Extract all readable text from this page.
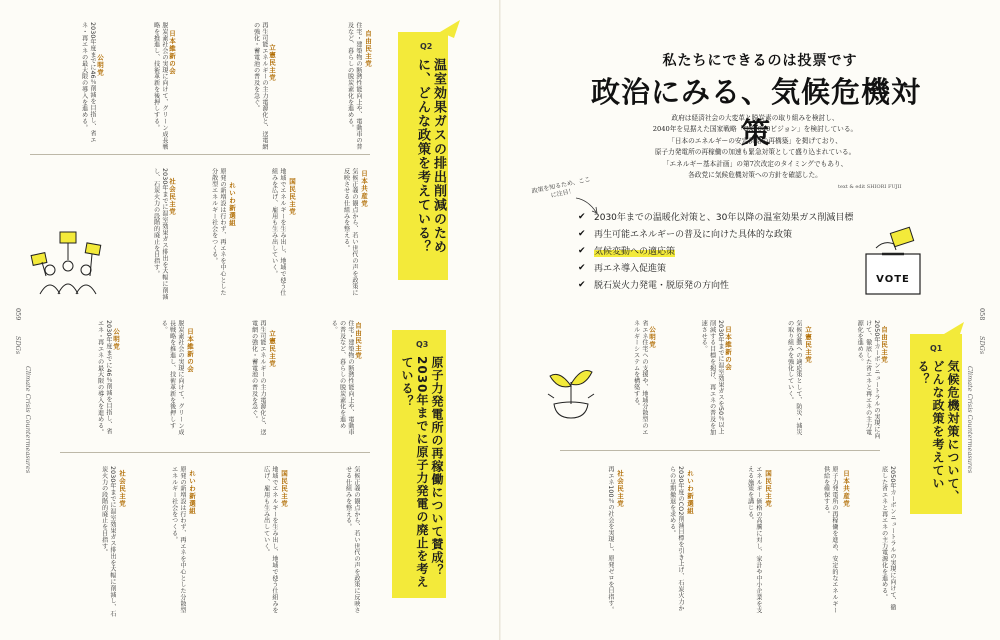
2030年度までに46％削減を目指し、省エネ・再エネの最大限の導入を進める。	公明党	脱炭素社会の実現に向けて、グリーン成長戦略を推進し、技術革新を後押しする。	日本維新の会	再生可能エネルギーの主力電源化と、送電網の強化・蓄電池の普及を急ぐ。	立憲民主党	住宅・建築物の断熱性能向上や、電動車の普及など、暮らしの脱炭素化を進める。	自由民主党
2030年までに温室効果ガス排出を大幅に削減し、石炭火力の段階的廃止を目指す。	社会民主党	原発の新増設は行わず、再エネを中心とした分散型エネルギー社会をつくる。	れいわ新選組	地域でエネルギーを生み出し、地域で使う仕組みを広げ、雇用も生み出していく。	国民民主党	気候正義の観点から、若い世代の声を政策に反映させる仕組みを整える。	日本共産党
Q2
温室効果ガスの排出削減のために、どんな政策を考えている？
059
SDGs
Climate Crisis Countermeasures	2030年度までに46％削減を目指し、省エネ・再エネの最大限の導入を進める。	公明党	脱炭素社会の実現に向けて、グリーン成長戦略を推進し、技術革新を後押しする。
日本維新の会	再生可能エネルギーの主力電源化と、送電網の強化・蓄電池の普及を急ぐ。	立憲民主党	住宅・建築物の断熱性能向上や、電動車の普及など、暮らしの脱炭素化を進める。	自由民主党
2030年までに温室効果ガス排出を大幅に削減し、石炭火力の段階的廃止を目指す。	社会民主党	原発の新増設は行わず、再エネを中心とした分散型エネルギー社会をつくる。	れいわ新選組	地域でエネルギーを生み出し、地域で使う仕組みを広げ、雇用も生み出していく。	国民民主党	気候正義の観点から、若い世代の声を政策に反映させる仕組みを整える。
Q3
原子力発電所の再稼働について賛成？2030年までに原子力発電の廃止を考えている？
私たちにできるのは投票です
政治にみる、気候危機対策
政府は経済社会の大変革と脱炭素の取り組みを検討し、
2040年を見据えた国家戦略「GX2040ビジョン」を検討している。
「日本のエネルギーの安定供給の再構築」を掲げており、
原子力発電所の再稼働の加速も緊急対策として盛り込まれている。
「エネルギー基本計画」の第7次改定のタイミングでもあり、
各政党に気候危機対策への方針を確認した。
text & edit SHIORI FUJII
政策を知るため、ここに注目！
✔ 2030年までの温暖化対策と、30年以降の温室効果ガス削減目標
✔ 再生可能エネルギーの普及に向けた具体的な政策
✔ 気候変動への適応策
✔ 再エネ導入促進策
✔ 脱石炭火力発電・脱原発の方向性
VOTE
058
SDGs
Climate Crisis Countermeasures
省エネ住宅への支援や、地域分散型のエネルギーシステムを構築する。	公明党	2030年までに温室効果ガスを50％以上削減する目標を掲げ、再エネの普及を加速させる。	日本維新の会	気候変動への適応策として、防災・減災の取り組みを強化していく。	立憲民主党	2050年カーボンニュートラルの実現に向けて、徹底した省エネと再エネの主力電源化を進める。	自由民主党
再エネ100％の社会を実現し、原発ゼロを目指す。 社会民主党	2030年度のCO2削減目標を引き上げ、石炭火力からの早期撤退を求める。	れいわ新選組	エネルギー価格の高騰に対し、家計や中小企業を支える施策を講じる。	国民民主党	原子力発電所の再稼働を進め、安定的なエネルギー供給を確保する。	日本共産党	2050年カーボンニュートラルの実現に向けて、徹底した省エネと再エネの主力電源化を進める。
Q1
気候危機対策について、どんな政策を考えている？
